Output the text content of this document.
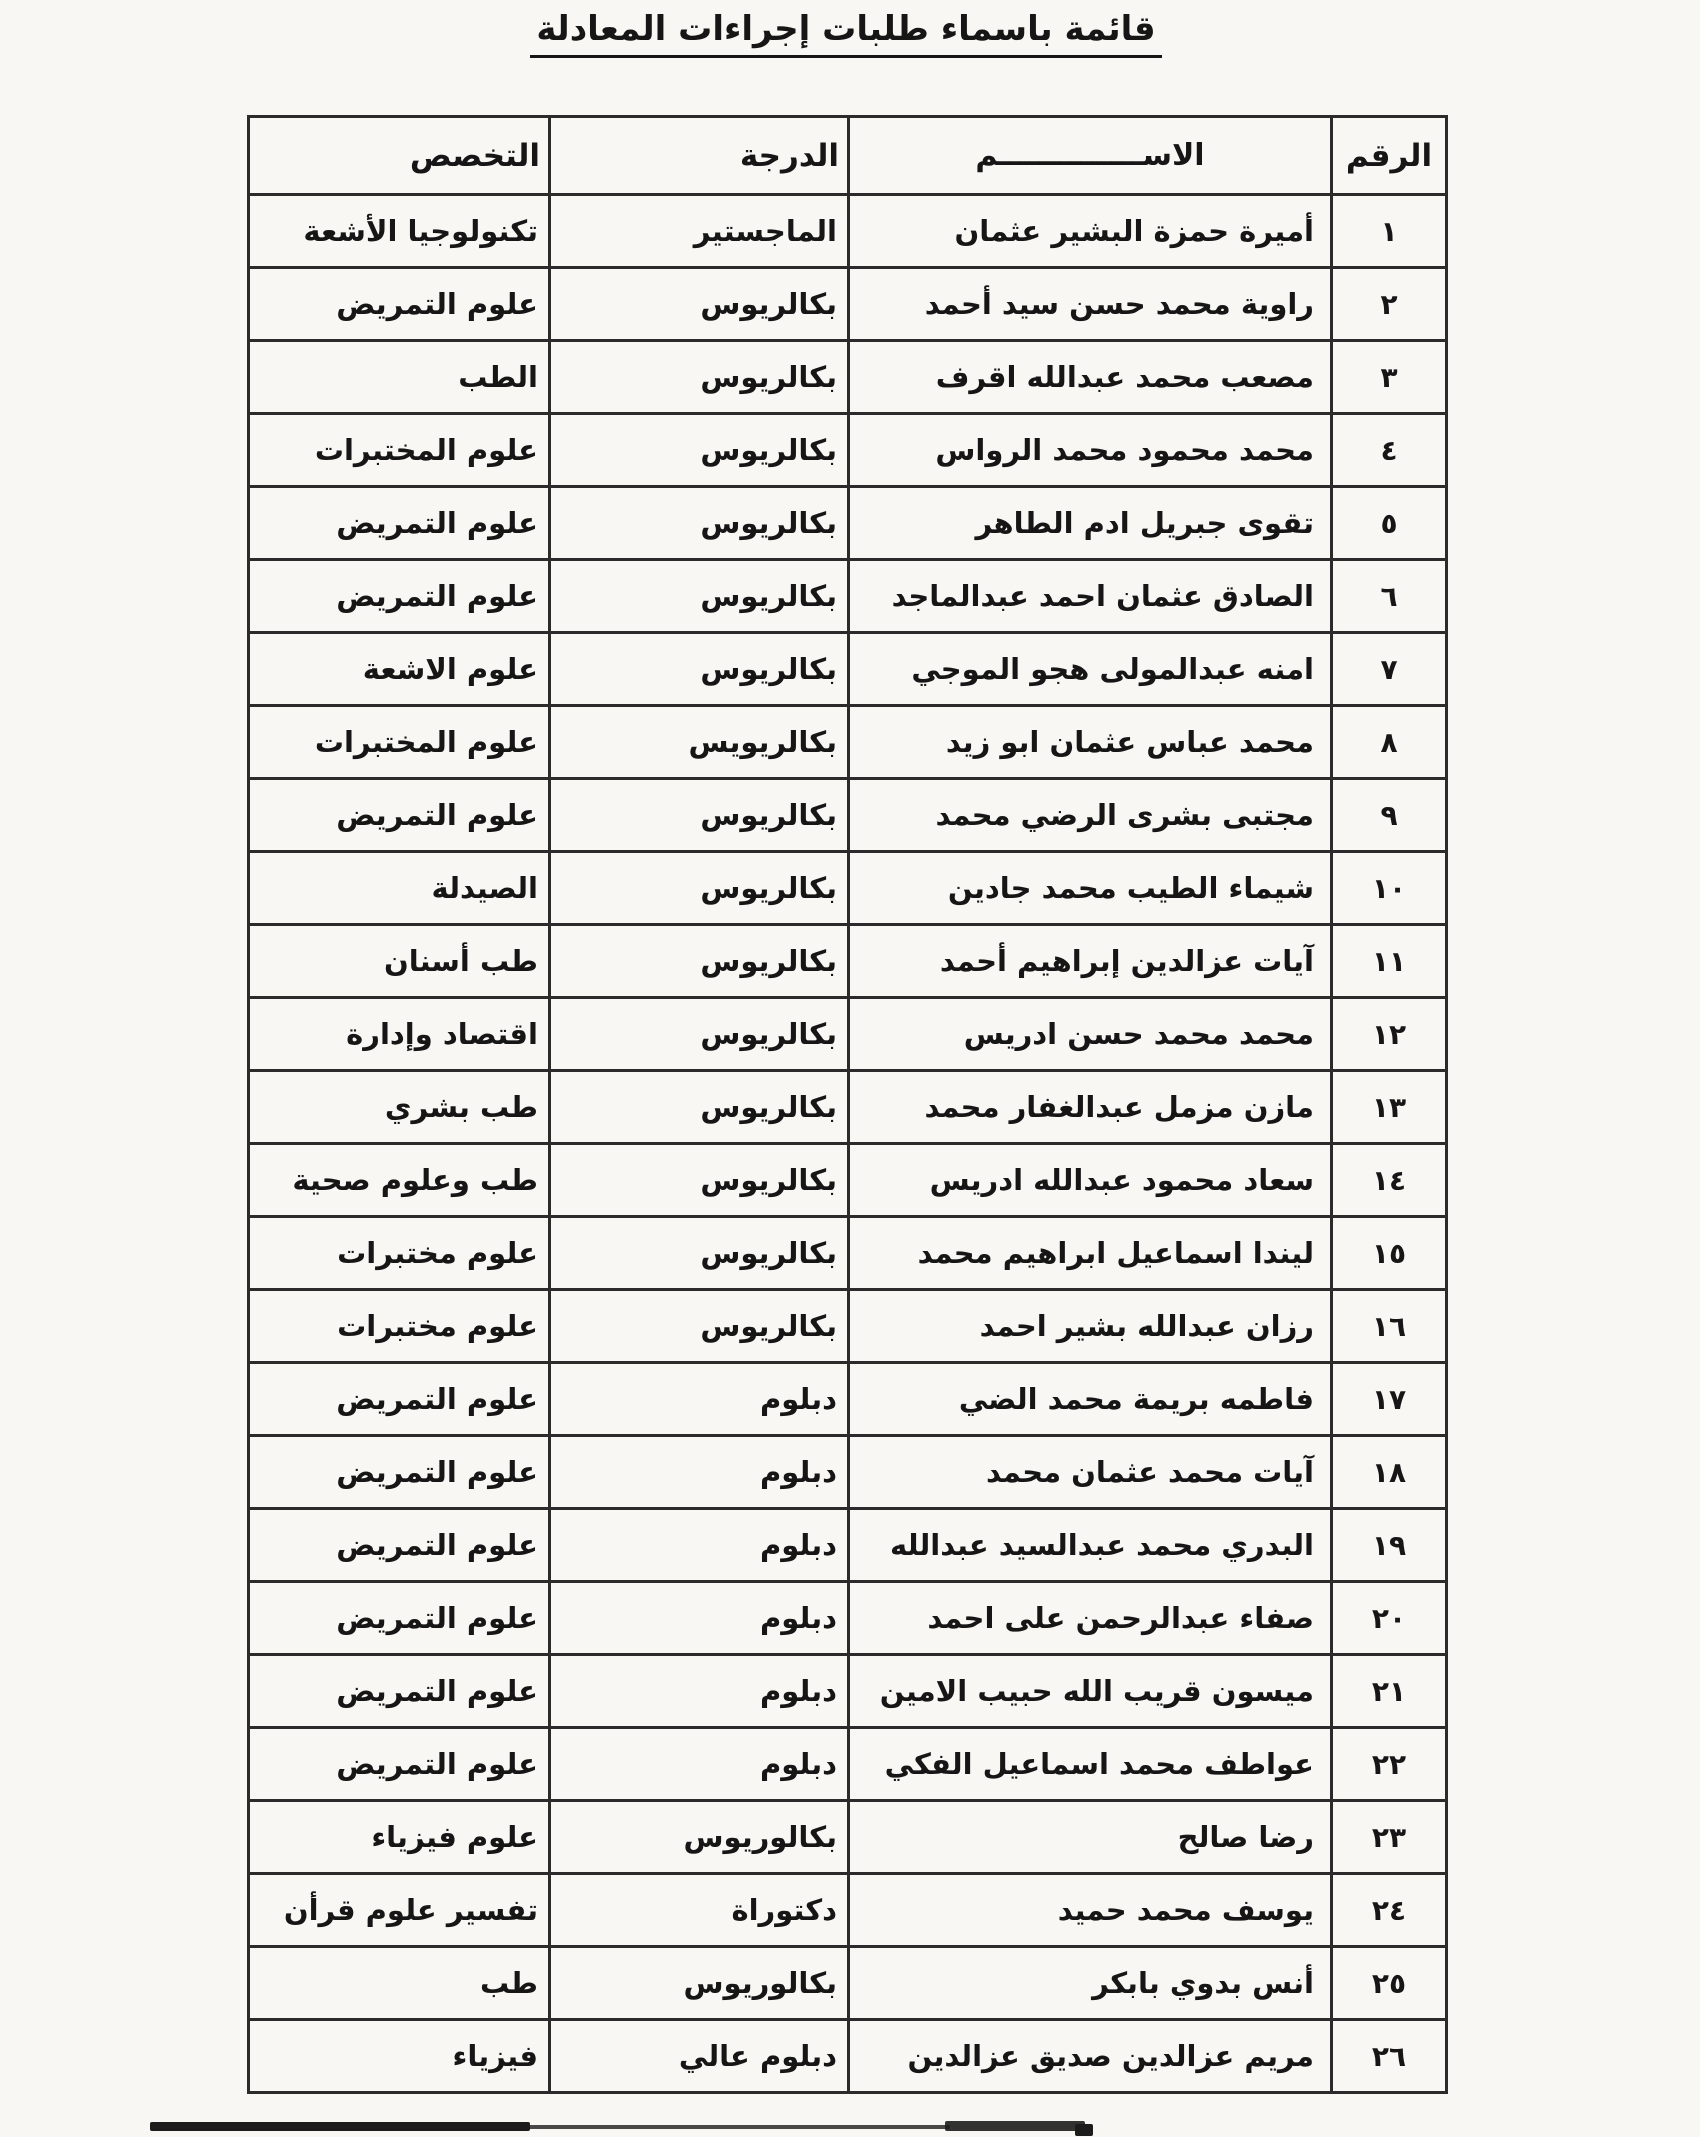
قائمة باسماء طلبات إجراءات المعادلة
الرقم	الاســــــــــــــم	الدرجة	التخصص
١	أميرة حمزة البشير عثمان	الماجستير	تكنولوجيا الأشعة
٢	راوية محمد حسن سيد أحمد	بكالريوس	علوم التمريض
٣	مصعب محمد عبدالله اقرف	بكالريوس	الطب
٤	محمد محمود محمد الرواس	بكالريوس	علوم المختبرات
٥	تقوى جبريل ادم الطاهر	بكالريوس	علوم التمريض
٦	الصادق عثمان احمد عبدالماجد	بكالريوس	علوم التمريض
٧	امنه عبدالمولى هجو الموجي	بكالريوس	علوم الاشعة
٨	محمد عباس عثمان ابو زيد	بكالريويس	علوم المختبرات
٩	مجتبى بشرى الرضي محمد	بكالريوس	علوم التمريض
١٠	شيماء الطيب محمد جادين	بكالريوس	الصيدلة
١١	آيات عزالدين إبراهيم أحمد	بكالريوس	طب أسنان
١٢	محمد محمد حسن ادريس	بكالريوس	اقتصاد وإدارة
١٣	مازن مزمل عبدالغفار محمد	بكالريوس	طب بشري
١٤	سعاد محمود عبدالله ادريس	بكالريوس	طب وعلوم صحية
١٥	ليندا اسماعيل ابراهيم محمد	بكالريوس	علوم مختبرات
١٦	رزان عبدالله بشير احمد	بكالريوس	علوم مختبرات
١٧	فاطمه بريمة محمد الضي	دبلوم	علوم التمريض
١٨	آيات محمد عثمان محمد	دبلوم	علوم التمريض
١٩	البدري محمد عبدالسيد عبدالله	دبلوم	علوم التمريض
٢٠	صفاء عبدالرحمن على احمد	دبلوم	علوم التمريض
٢١	ميسون قريب الله حبيب الامين	دبلوم	علوم التمريض
٢٢	عواطف محمد اسماعيل الفكي	دبلوم	علوم التمريض
٢٣	رضا صالح	بكالوريوس	علوم فيزياء
٢٤	يوسف محمد حميد	دكتوراة	تفسير علوم قرأن
٢٥	أنس بدوي بابكر	بكالوريوس	طب
٢٦	مريم عزالدين صديق عزالدين	دبلوم عالي	فيزياء
